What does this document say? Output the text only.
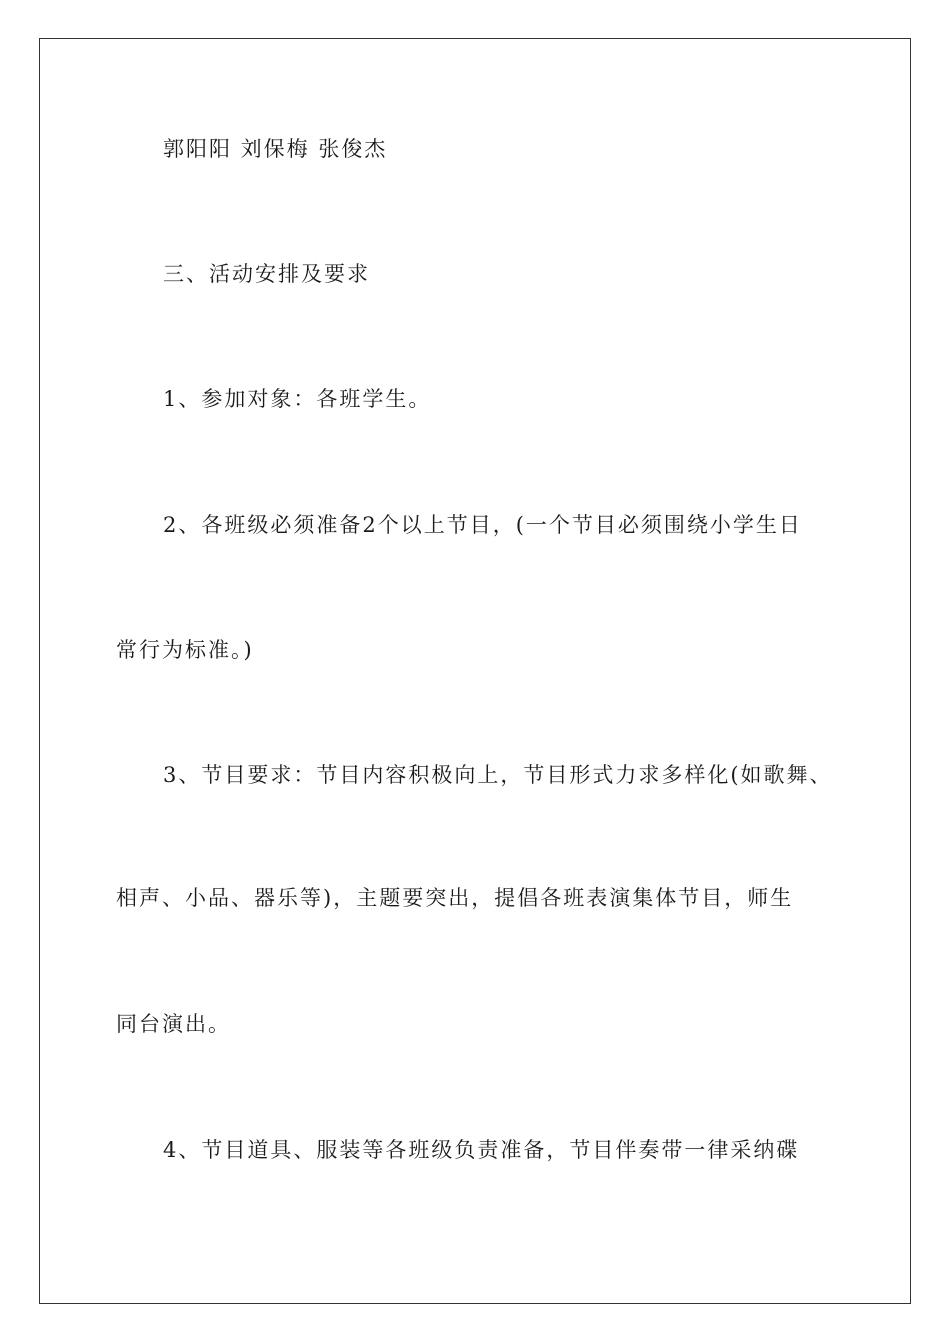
郭阳阳 刘保梅 张俊杰
三、活动安排及要求
1、参加对象：各班学生。
2、各班级必须准备2个以上节目，(一个节目必须围绕小学生日
常行为标准。)
3、节目要求：节目内容积极向上，节目形式力求多样化(如歌舞、
相声、小品、器乐等)，主题要突出，提倡各班表演集体节目，师生
同台演出。
4、节目道具、服装等各班级负责准备，节目伴奏带一律采纳碟
